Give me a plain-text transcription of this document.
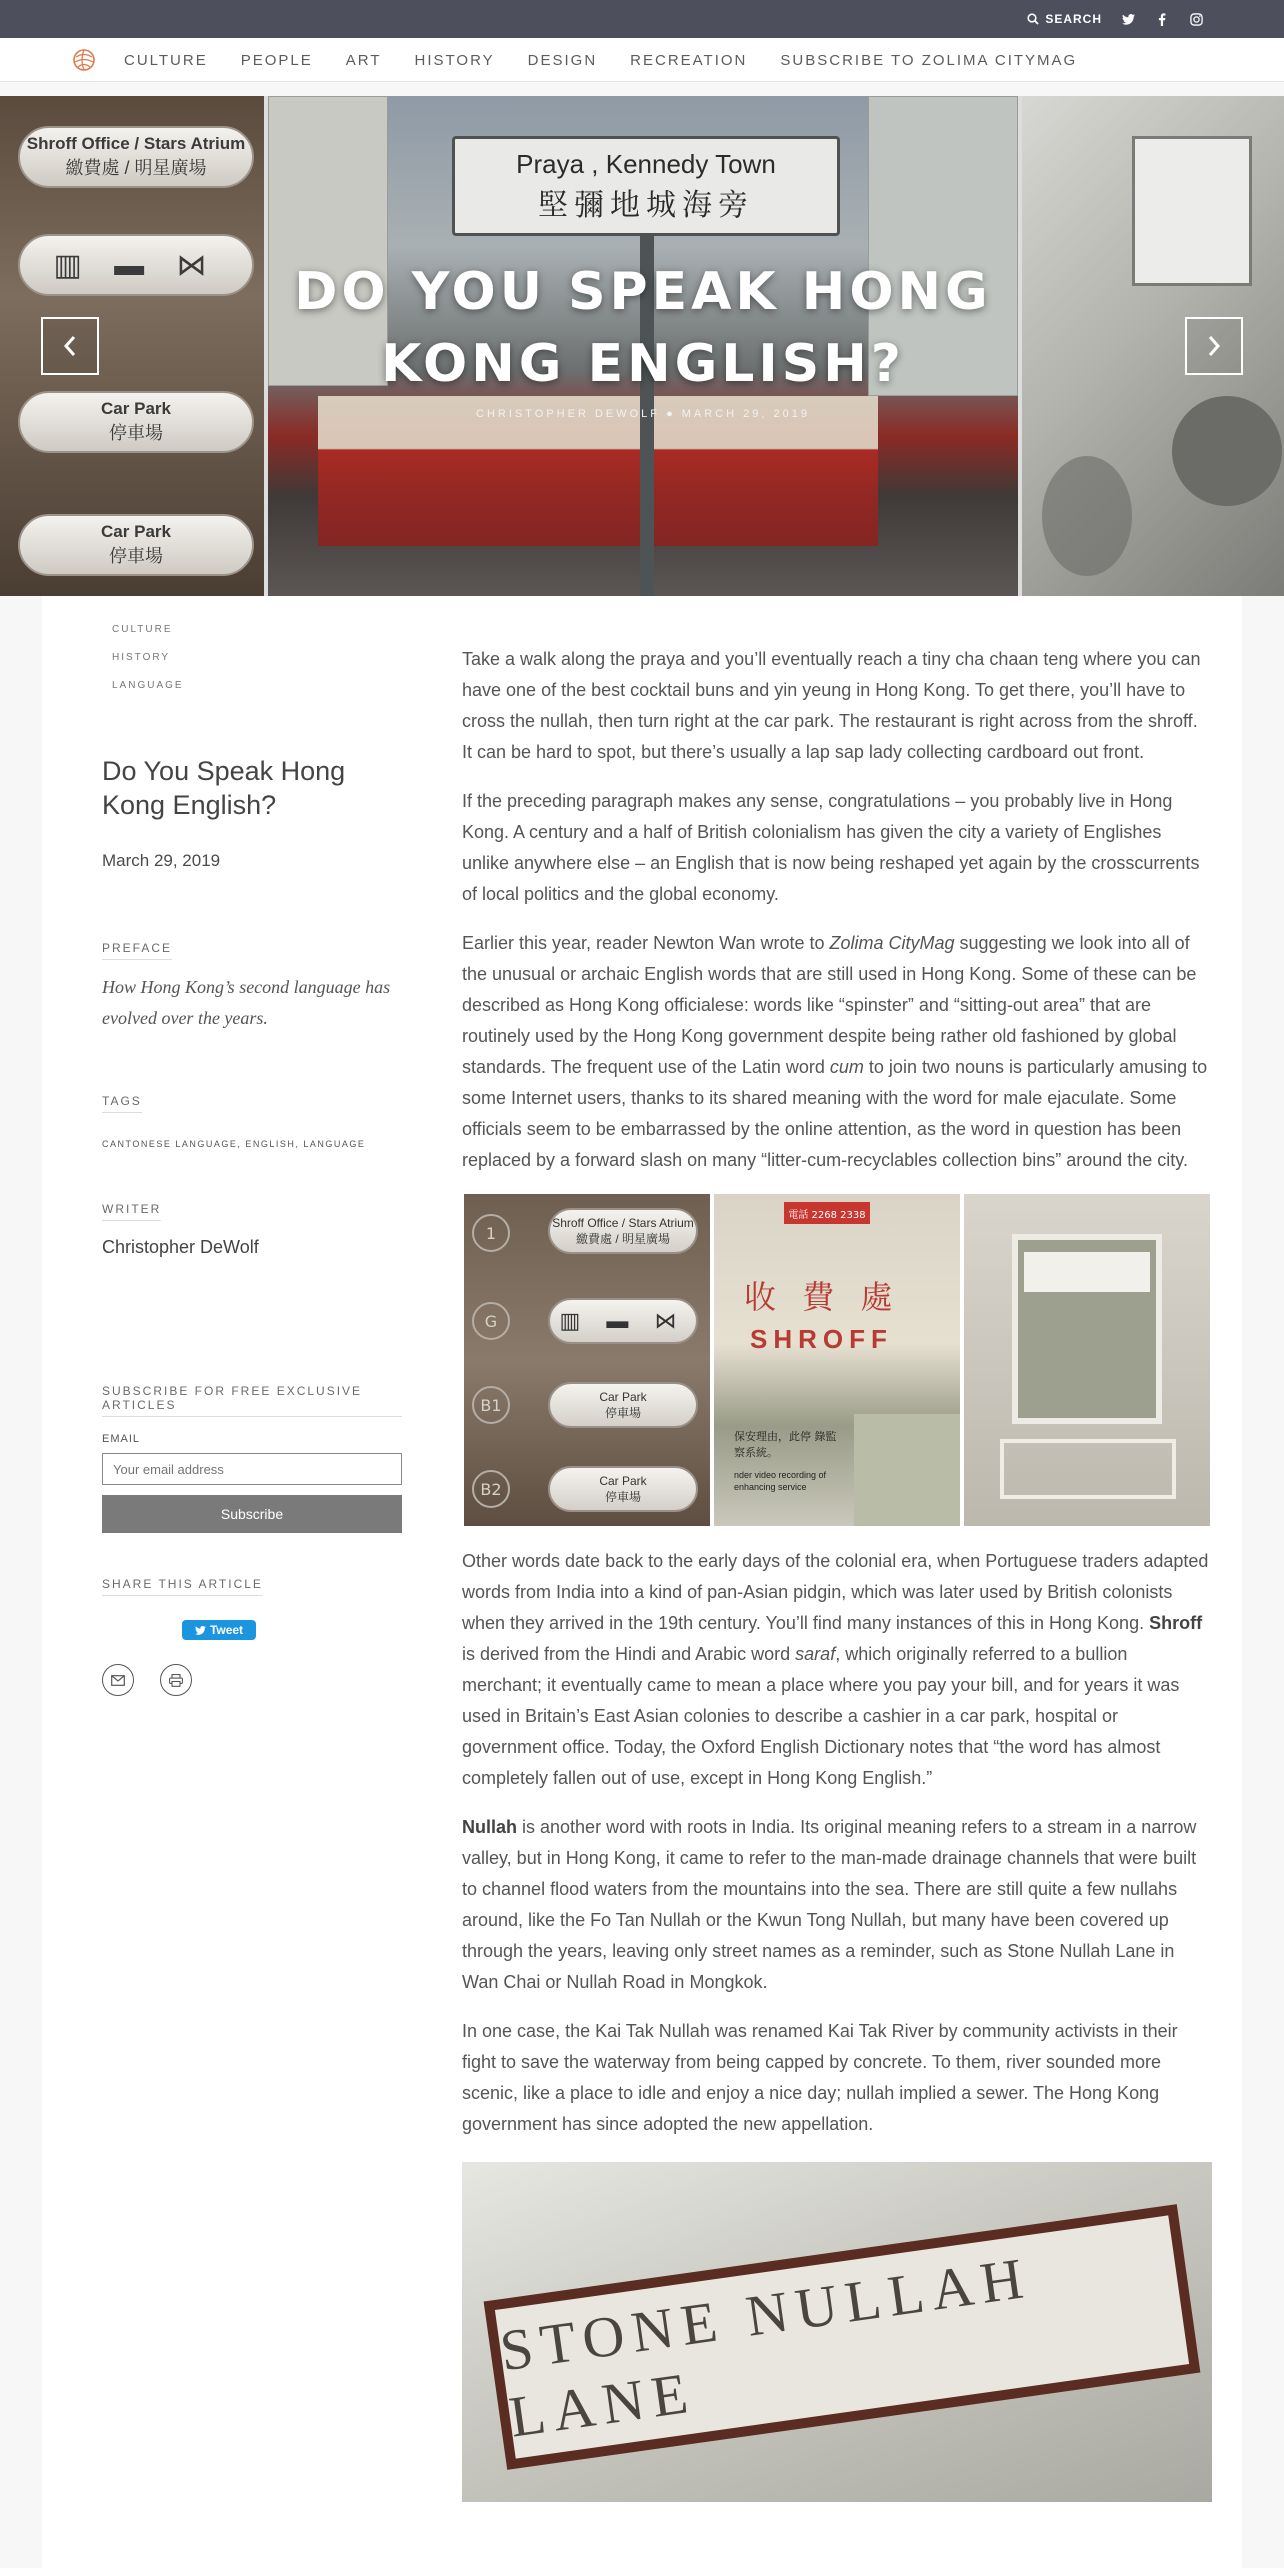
SEARCH
CULTURE PEOPLE ART HISTORY DESIGN RECREATION SUBSCRIBE TO ZOLIMA CITYMAG
Shroff Office / Stars Atrium
繳費處 / 明星廣場
▥ ▬ ⋈
Car Park
停車場
Car Park
停車場
Praya , Kennedy Town
堅彌地城海旁
DO YOU SPEAK HONG KONG ENGLISH?
CHRISTOPHER DEWOLF ● MARCH 29, 2019
CULTURE
HISTORY
LANGUAGE
Do You Speak Hong Kong English?
March 29, 2019
PREFACE
How Hong Kong’s second language has evolved over the years.
TAGS
CANTONESE LANGUAGE, ENGLISH, LANGUAGE
WRITER
Christopher DeWolf
SUBSCRIBE FOR FREE EXCLUSIVE ARTICLES
EMAIL
Your email address
Subscribe
SHARE THIS ARTICLE
Tweet

Take a walk along the praya and you’ll eventually reach a tiny cha chaan teng where you can have one of the best cocktail buns and yin yeung in Hong Kong. To get there, you’ll have to cross the nullah, then turn right at the car park. The restaurant is right across from the shroff. It can be hard to spot, but there’s usually a lap sap lady collecting cardboard out front.

If the preceding paragraph makes any sense, congratulations – you probably live in Hong Kong. A century and a half of British colonialism has given the city a variety of Englishes unlike anywhere else – an English that is now being reshaped yet again by the crosscurrents of local politics and the global economy.

Earlier this year, reader Newton Wan wrote to Zolima CityMag suggesting we look into all of the unusual or archaic English words that are still used in Hong Kong. Some of these can be described as Hong Kong officialese: words like “spinster” and “sitting-out area” that are routinely used by the Hong Kong government despite being rather old fashioned by global standards. The frequent use of the Latin word cum to join two nouns is particularly amusing to some Internet users, thanks to its shared meaning with the word for male ejaculate. Some officials seem to be embarrassed by the online attention, as the word in question has been replaced by a forward slash on many “litter-cum-recyclables collection bins” around the city.

1
G
B1
B2
Shroff Office / Stars Atrium
繳費處 / 明星廣場
▥ ▬ ⋈
Car Park
停車場
Car Park
停車場
電話 2268 2338
收 費 處
SHROFF
保安理由，此停 錄監察系統。
nder video recording of enhancing service

Other words date back to the early days of the colonial era, when Portuguese traders adapted words from India into a kind of pan-Asian pidgin, which was later used by British colonists when they arrived in the 19th century. You’ll find many instances of this in Hong Kong. Shroff is derived from the Hindi and Arabic word saraf, which originally referred to a bullion merchant; it eventually came to mean a place where you pay your bill, and for years it was used in Britain’s East Asian colonies to describe a cashier in a car park, hospital or government office. Today, the Oxford English Dictionary notes that “the word has almost completely fallen out of use, except in Hong Kong English.”

Nullah is another word with roots in India. Its original meaning refers to a stream in a narrow valley, but in Hong Kong, it came to refer to the man-made drainage channels that were built to channel flood waters from the mountains into the sea. There are still quite a few nullahs around, like the Fo Tan Nullah or the Kwun Tong Nullah, but many have been covered up through the years, leaving only street names as a reminder, such as Stone Nullah Lane in Wan Chai or Nullah Road in Mongkok.

In one case, the Kai Tak Nullah was renamed Kai Tak River by community activists in their fight to save the waterway from being capped by concrete. To them, river sounded more scenic, like a place to idle and enjoy a nice day; nullah implied a sewer. The Hong Kong government has since adopted the new appellation.

STONE NULLAH LANE
